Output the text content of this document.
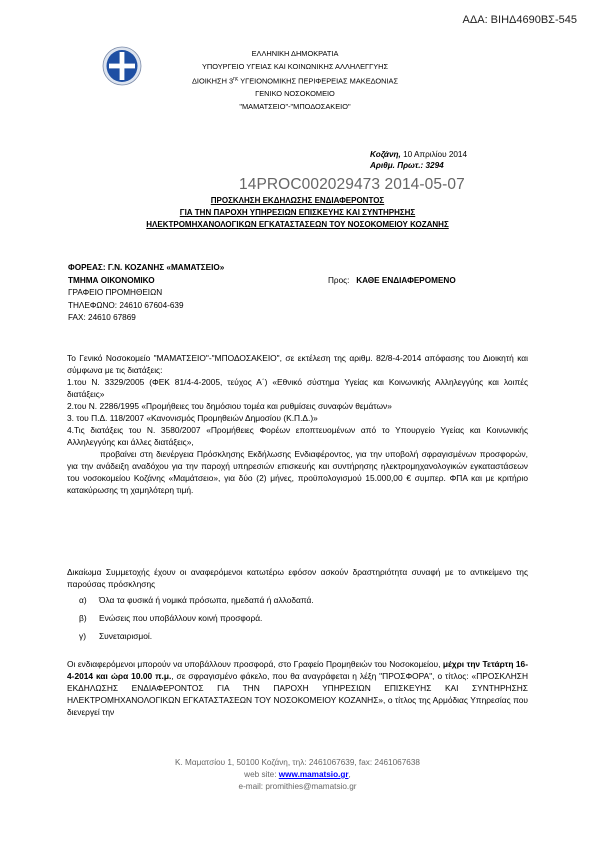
ΑΔΑ: ΒΙΗΔ4690ΒΣ-545
ΕΛΛΗΝΙΚΗ ΔΗΜΟΚΡΑΤΙΑ
ΥΠΟΥΡΓΕΙΟ ΥΓΕΙΑΣ ΚΑΙ ΚΟΙΝΩΝΙΚΗΣ ΑΛΛΗΛΕΓΓΥΗΣ
ΔΙΟΙΚΗΣΗ $3^{\eta\varsigma}$ ΥΓΕΙΟΝΟΜΙΚΗΣ ΠΕΡΙΦΕΡΕΙΑΣ ΜΑΚΕΔΟΝΙΑΣ
ΓΕΝΙΚΟ ΝΟΣΟΚΟΜΕΙΟ
"ΜΑΜΑΤΣΕΙΟ"-"ΜΠΟΔΟΣΑΚΕΙΟ"
Κοζάνη, 10 Απριλίου 2014
Αριθμ. Πρωτ.: 3294
14PROC002029473 2014-05-07
ΠΡΟΣΚΛΗΣΗ ΕΚΔΗΛΩΣΗΣ ΕΝΔΙΑΦΕΡΟΝΤΟΣ
ΓΙΑ ΤΗΝ ΠΑΡΟΧΗ ΥΠΗΡΕΣΙΩΝ ΕΠΙΣΚΕΥΗΣ ΚΑΙ ΣΥΝΤΗΡΗΣΗΣ
ΗΛΕΚΤΡΟΜΗΧΑΝΟΛΟΓΙΚΩΝ ΕΓΚΑΤΑΣΤΑΣΕΩΝ ΤΟΥ ΝΟΣΟΚΟΜΕΙΟΥ ΚΟΖΑΝΗΣ
ΦΟΡΕΑΣ: Γ.Ν. ΚΟΖΑΝΗΣ «ΜΑΜΑΤΣΕΙΟ»
ΤΜΗΜΑ ΟΙΚΟΝΟΜΙΚΟ
ΓΡΑΦΕΙΟ ΠΡΟΜΗΘΕΙΩΝ
ΤΗΛΕΦΩΝΟ: 24610 67604-639
FAX: 24610 67869
Προς: ΚΑΘΕ ΕΝΔΙΑΦΕΡΟΜΕΝΟ

Το Γενικό Νοσοκομείο "ΜΑΜΑΤΣΕΙΟ"-"ΜΠΟΔΟΣΑΚΕΙΟ", σε εκτέλεση της αριθμ. 82/8-4-2014 απόφασης του Διοικητή και σύμφωνα με τις διατάξεις:

1.του Ν. 3329/2005 (ΦΕΚ 81/4-4-2005, τεύχος Α΄) «Εθνικό σύστημα Υγείας και Κοινωνικής Αλληλεγγύης και λοιπές διατάξεις»

2.του Ν. 2286/1995 «Προμήθειες του δημόσιου τομέα και ρυθμίσεις συναφών θεμάτων»

3. του Π.Δ. 118/2007 «Κανονισμός Προμηθειών Δημοσίου (Κ.Π.Δ.)»

4.Τις διατάξεις του Ν. 3580/2007 «Προμήθειες Φορέων εποπτευομένων από το Υπουργείο Υγείας και Κοινωνικής Αλληλεγγύης και άλλες διατάξεις»,

προβαίνει στη διενέργεια Πρόσκλησης Εκδήλωσης Ενδιαφέροντος, για την υποβολή σφραγισμένων προσφορών, για την ανάδειξη αναδόχου για την παροχή υπηρεσιών επισκευής και συντήρησης ηλεκτρομηχανολογικών εγκαταστάσεων του νοσοκομείου Κοζάνης «Μαμάτσειο», για δύο (2) μήνες, προϋπολογισμού 15.000,00 € συμπερ. ΦΠΑ και με κριτήριο κατακύρωσης τη χαμηλότερη τιμή.

Δικαίωμα Συμμετοχής έχουν οι αναφερόμενοι κατωτέρω εφόσον ασκούν δραστηριότητα συναφή με το αντικείμενο της παρούσας πρόσκλησης
α) Όλα τα φυσικά ή νομικά πρόσωπα, ημεδαπά ή αλλοδαπά.
β) Ενώσεις που υποβάλλουν κοινή προσφορά.
γ) Συνεταιρισμοί.
Οι ενδιαφερόμενοι μπορούν να υποβάλλουν προσφορά, στο Γραφείο Προμηθειών του Νοσοκομείου, μέχρι την Τετάρτη 16-4-2014 και ώρα 10.00 π.μ., σε σφραγισμένο φάκελο, που θα αναγράφεται η λέξη "ΠΡΟΣΦΟΡΑ", ο τίτλος: «ΠΡΟΣΚΛΗΣΗ ΕΚΔΗΛΩΣΗΣ ΕΝΔΙΑΦΕΡΟΝΤΟΣ ΓΙΑ ΤΗΝ ΠΑΡΟΧΗ ΥΠΗΡΕΣΙΩΝ ΕΠΙΣΚΕΥΗΣ ΚΑΙ ΣΥΝΤΗΡΗΣΗΣ ΗΛΕΚΤΡΟΜΗΧΑΝΟΛΟΓΙΚΩΝ ΕΓΚΑΤΑΣΤΑΣΕΩΝ ΤΟΥ ΝΟΣΟΚΟΜΕΙΟΥ ΚΟΖΑΝΗΣ», ο τίτλος της Αρμόδιας Υπηρεσίας που διενεργεί την
Κ. Μαματσίου 1, 50100 Κοζάνη, τηλ: 2461067639, fax: 2461067638
web site: www.mamatsio.gr,
e-mail: promithies@mamatsio.gr
